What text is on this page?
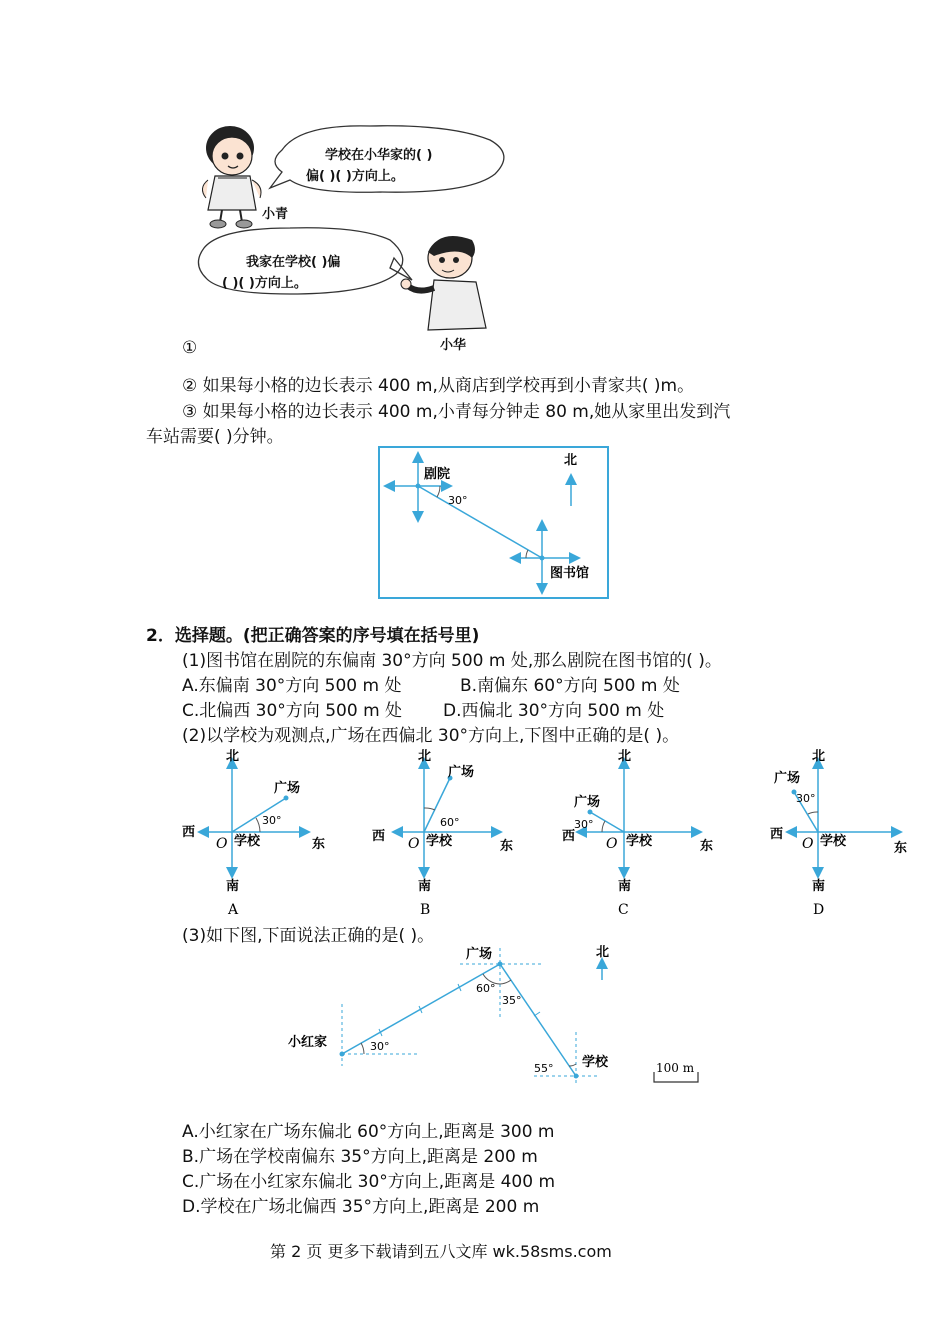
学校在小华家的( )
偏( )( )方向上。
小青
我家在学校( )偏
( )( )方向上。
小华
①
② 如果每小格的边长表示 400 m,从商店到学校再到小青家共( )m。
③ 如果每小格的边长表示 400 m,小青每分钟走 80 m,她从家里出发到汽
车站需要( )分钟。
剧院
30°
图书馆
北
2．选择题。(把正确答案的序号填在括号里)
(1)图书馆在剧院的东偏南 30°方向 500 m 处,那么剧院在图书馆的( )。
A.东偏南 30°方向 500 m 处	B.南偏东 60°方向 500 m 处
C.北偏西 30°方向 500 m 处 D.西偏北 30°方向 500 m 处
(2)以学校为观测点,广场在西偏北 30°方向上,下图中正确的是( )。
北
南
东
西
O 学校
广场
30°
A
北
南
东
西 O 学校
广场
60°
B
北
南
东
西 O 学校
广场
30°
C
北
南
东
西
O 学校
广场
30°
D
(3)如下图,下面说法正确的是( )。
广场
小红家
学校
北
30°
60°
35°
55°	100 m
A.小红家在广场东偏北 60°方向上,距离是 300 m
B.广场在学校南偏东 35°方向上,距离是 200 m
C.广场在小红家东偏北 30°方向上,距离是 400 m
D.学校在广场北偏西 35°方向上,距离是 200 m
第 2 页 更多下载请到五八文库 wk.58sms.com
